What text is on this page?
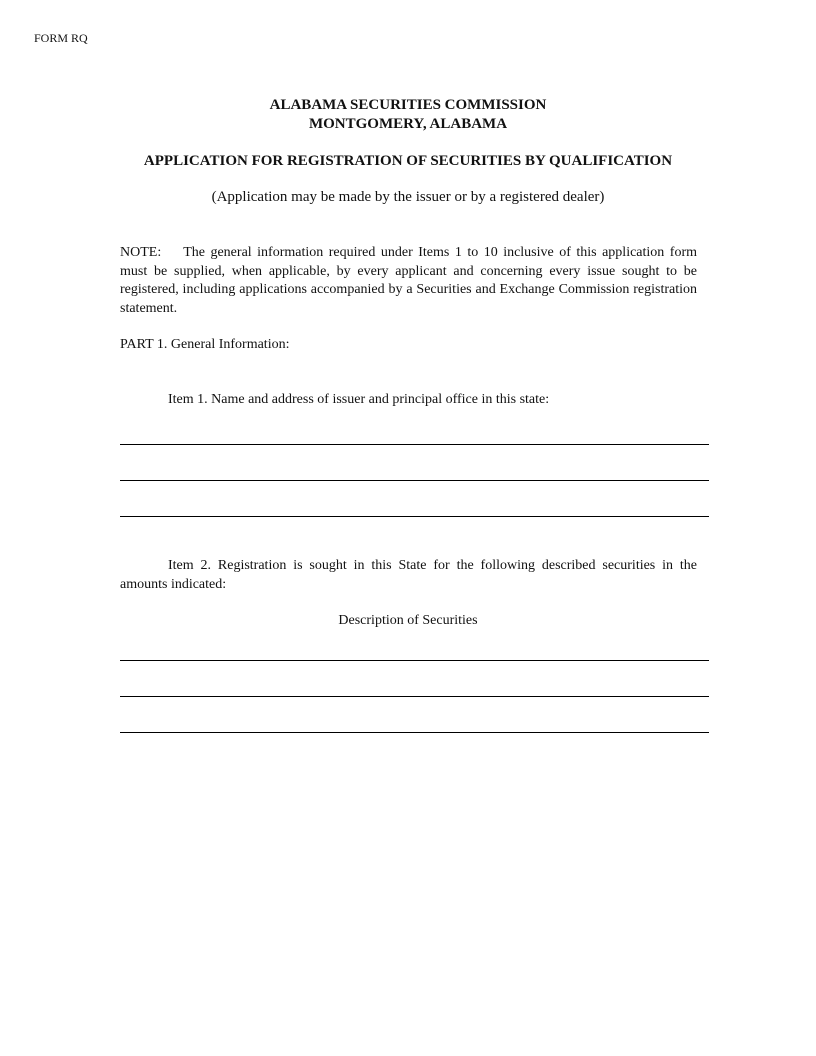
FORM RQ
ALABAMA SECURITIES COMMISSION
MONTGOMERY, ALABAMA
APPLICATION FOR REGISTRATION OF SECURITIES BY QUALIFICATION
(Application may be made by the issuer or by a registered dealer)
NOTE: The general information required under Items 1 to 10 inclusive of this application form must be supplied, when applicable, by every applicant and concerning every issue sought to be registered, including applications accompanied by a Securities and Exchange Commission registration statement.
PART 1. General Information:
Item 1. Name and address of issuer and principal office in this state:
Item 2. Registration is sought in this State for the following described securities in the amounts indicated:
Description of Securities
